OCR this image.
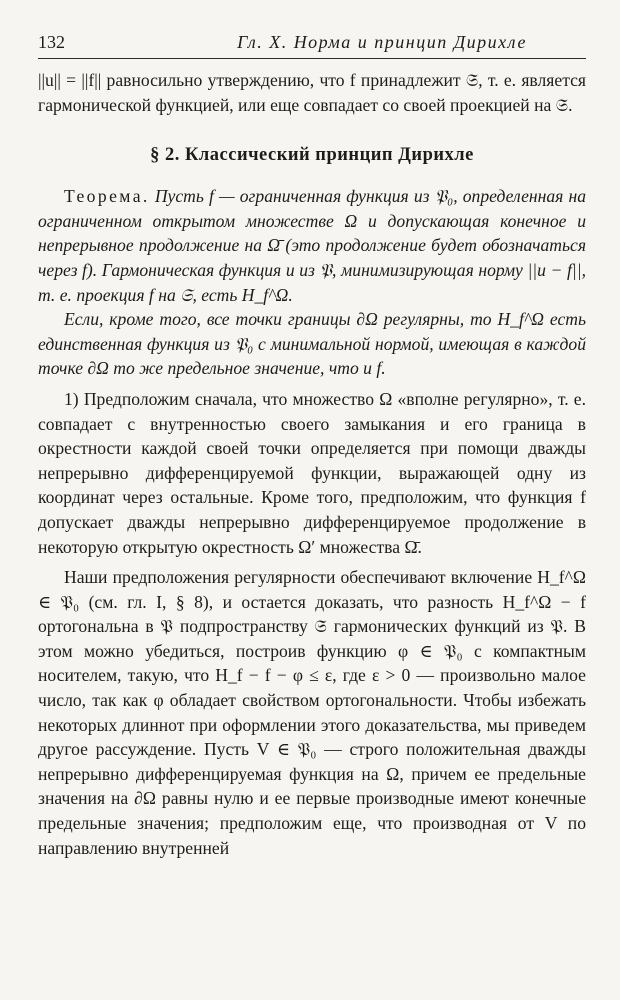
132	Гл. X. Норма и принцип Дирихле

||u|| = ||f|| равносильно утверждению, что f принадлежит 𝔖, т. е. является гармонической функцией, или еще совпадает со своей проекцией на 𝔖.

§ 2. Классический принцип Дирихле

Теорема. Пусть f — ограниченная функция из 𝔓₀, определенная на ограниченном открытом множестве Ω и допускающая конечное и непрерывное продолжение на Ω̄ (это продолжение будет обозначаться через f). Гармоническая функция u из 𝔓, минимизирующая норму ||u − f||, т. е. проекция f на 𝔖, есть H_f^Ω.

Если, кроме того, все точки границы ∂Ω регулярны, то H_f^Ω есть единственная функция из 𝔓₀ с минимальной нормой, имеющая в каждой точке ∂Ω то же предельное значение, что и f.

1) Предположим сначала, что множество Ω «вполне регулярно», т. е. совпадает с внутренностью своего замыкания и его граница в окрестности каждой своей точки определяется при помощи дважды непрерывно дифференцируемой функции, выражающей одну из координат через остальные. Кроме того, предположим, что функция f допускает дважды непрерывно дифференцируемое продолжение в некоторую открытую окрестность Ω′ множества Ω̄.

Наши предположения регулярности обеспечивают включение H_f^Ω ∈ 𝔓₀ (см. гл. I, § 8), и остается доказать, что разность H_f^Ω − f ортогональна в 𝔓 подпространству 𝔖 гармонических функций из 𝔓. В этом можно убедиться, построив функцию φ ∈ 𝔓₀ с компактным носителем, такую, что H_f − f − φ ≤ ε, где ε > 0 — произвольно малое число, так как φ обладает свойством ортогональности. Чтобы избежать некоторых длиннот при оформлении этого доказательства, мы приведем другое рассуждение. Пусть V ∈ 𝔓₀ — строго положительная дважды непрерывно дифференцируемая функция на Ω, причем ее предельные значения на ∂Ω равны нулю и ее первые производные имеют конечные предельные значения; предположим еще, что производная от V по направлению внутренней
